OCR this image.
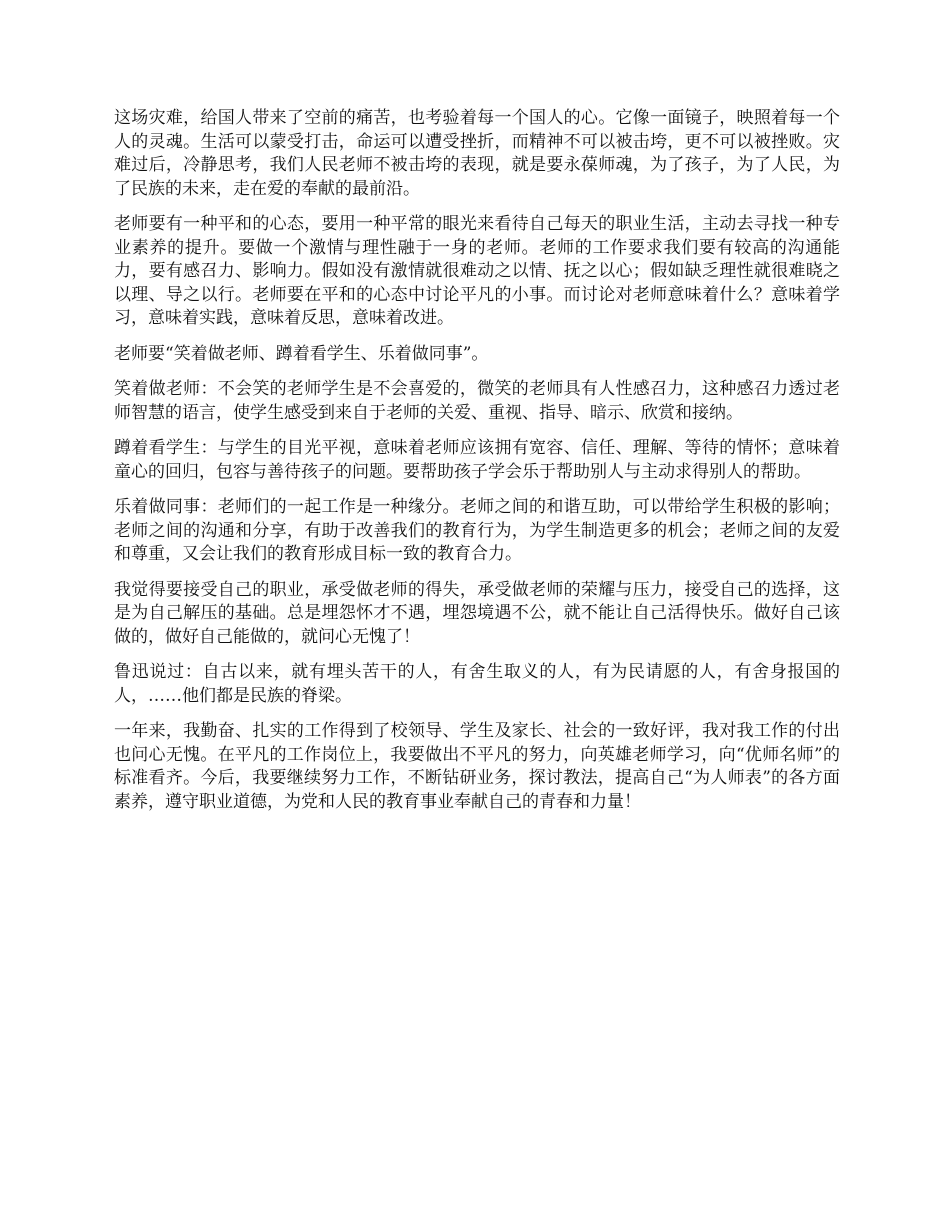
这场灾难，给国人带来了空前的痛苦，也考验着每一个国人的心。它像一面镜子，映照着每一个人的灵魂。生活可以蒙受打击，命运可以遭受挫折，而精神不可以被击垮，更不可以被挫败。灾难过后，冷静思考，我们人民老师不被击垮的表现，就是要永葆师魂，为了孩子，为了人民，为了民族的未来，走在爱的奉献的最前沿。

老师要有一种平和的心态，要用一种平常的眼光来看待自己每天的职业生活，主动去寻找一种专业素养的提升。要做一个激情与理性融于一身的老师。老师的工作要求我们要有较高的沟通能力，要有感召力、影响力。假如没有激情就很难动之以情、抚之以心；假如缺乏理性就很难晓之以理、导之以行。老师要在平和的心态中讨论平凡的小事。而讨论对老师意味着什么？意味着学习，意味着实践，意味着反思，意味着改进。

老师要“笑着做老师、蹲着看学生、乐着做同事”。

笑着做老师：不会笑的老师学生是不会喜爱的，微笑的老师具有人性感召力，这种感召力透过老师智慧的语言，使学生感受到来自于老师的关爱、重视、指导、暗示、欣赏和接纳。

蹲着看学生：与学生的目光平视，意味着老师应该拥有宽容、信任、理解、等待的情怀；意味着童心的回归，包容与善待孩子的问题。要帮助孩子学会乐于帮助别人与主动求得别人的帮助。

乐着做同事：老师们的一起工作是一种缘分。老师之间的和谐互助，可以带给学生积极的影响；老师之间的沟通和分享，有助于改善我们的教育行为，为学生制造更多的机会；老师之间的友爱和尊重，又会让我们的教育形成目标一致的教育合力。

我觉得要接受自己的职业，承受做老师的得失，承受做老师的荣耀与压力，接受自己的选择，这是为自己解压的基础。总是埋怨怀才不遇，埋怨境遇不公，就不能让自己活得快乐。做好自己该做的，做好自己能做的，就问心无愧了！

鲁迅说过：自古以来，就有埋头苦干的人，有舍生取义的人，有为民请愿的人，有舍身报国的人，……他们都是民族的脊梁。

一年来，我勤奋、扎实的工作得到了校领导、学生及家长、社会的一致好评，我对我工作的付出也问心无愧。在平凡的工作岗位上，我要做出不平凡的努力，向英雄老师学习，向“优师名师”的标准看齐。今后，我要继续努力工作，不断钻研业务，探讨教法，提高自己“为人师表”的各方面素养，遵守职业道德，为党和人民的教育事业奉献自己的青春和力量！
